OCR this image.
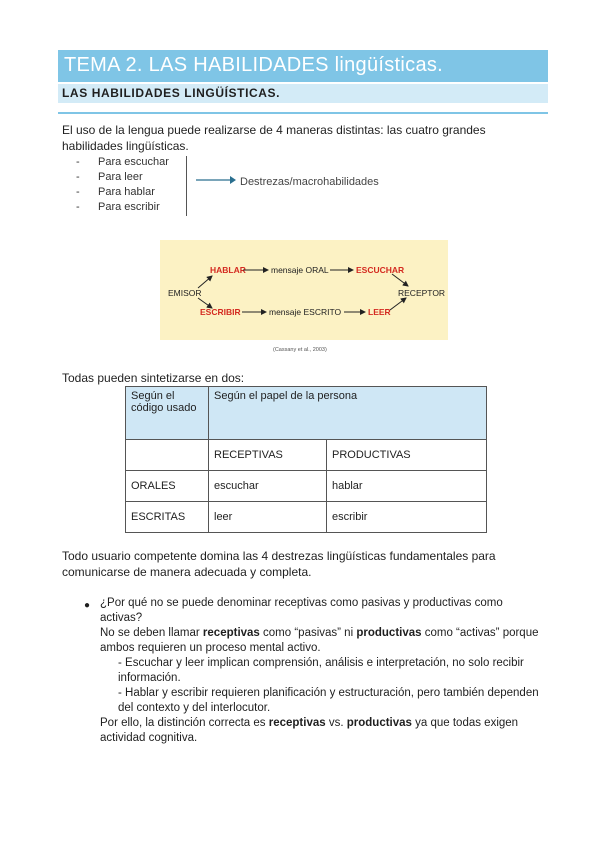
TEMA 2. LAS HABILIDADES lingüísticas.
LAS HABILIDADES LINGÜÍSTICAS.
El uso de la lengua puede realizarse de 4 maneras distintas: las cuatro grandes habilidades lingüísticas.
- Para escuchar
- Para leer
- Para hablar
- Para escribir
Destrezas/macrohabilidades
HABLAR	mensaje ORAL	ESCUCHAR
EMISOR	RECEPTOR
ESCRIBIR	mensaje ESCRITO	LEER
(Cassany et al., 2003)
Todas pueden sintetizarse en dos:
Según el código usado	Según el papel de la persona	
	RECEPTIVAS	PRODUCTIVAS
ORALES	escuchar	hablar
ESCRITAS	leer	escribir
Todo usuario competente domina las 4 destrezas lingüísticas fundamentales para comunicarse de manera adecuada y completa.
● ¿Por qué no se puede denominar receptivas como pasivas y productivas como activas?
No se deben llamar receptivas como “pasivas” ni productivas como “activas” porque ambos requieren un proceso mental activo.
- Escuchar y leer implican comprensión, análisis e interpretación, no solo recibir información.
- Hablar y escribir requieren planificación y estructuración, pero también dependen del contexto y del interlocutor.
Por ello, la distinción correcta es receptivas vs. productivas ya que todas exigen actividad cognitiva.
